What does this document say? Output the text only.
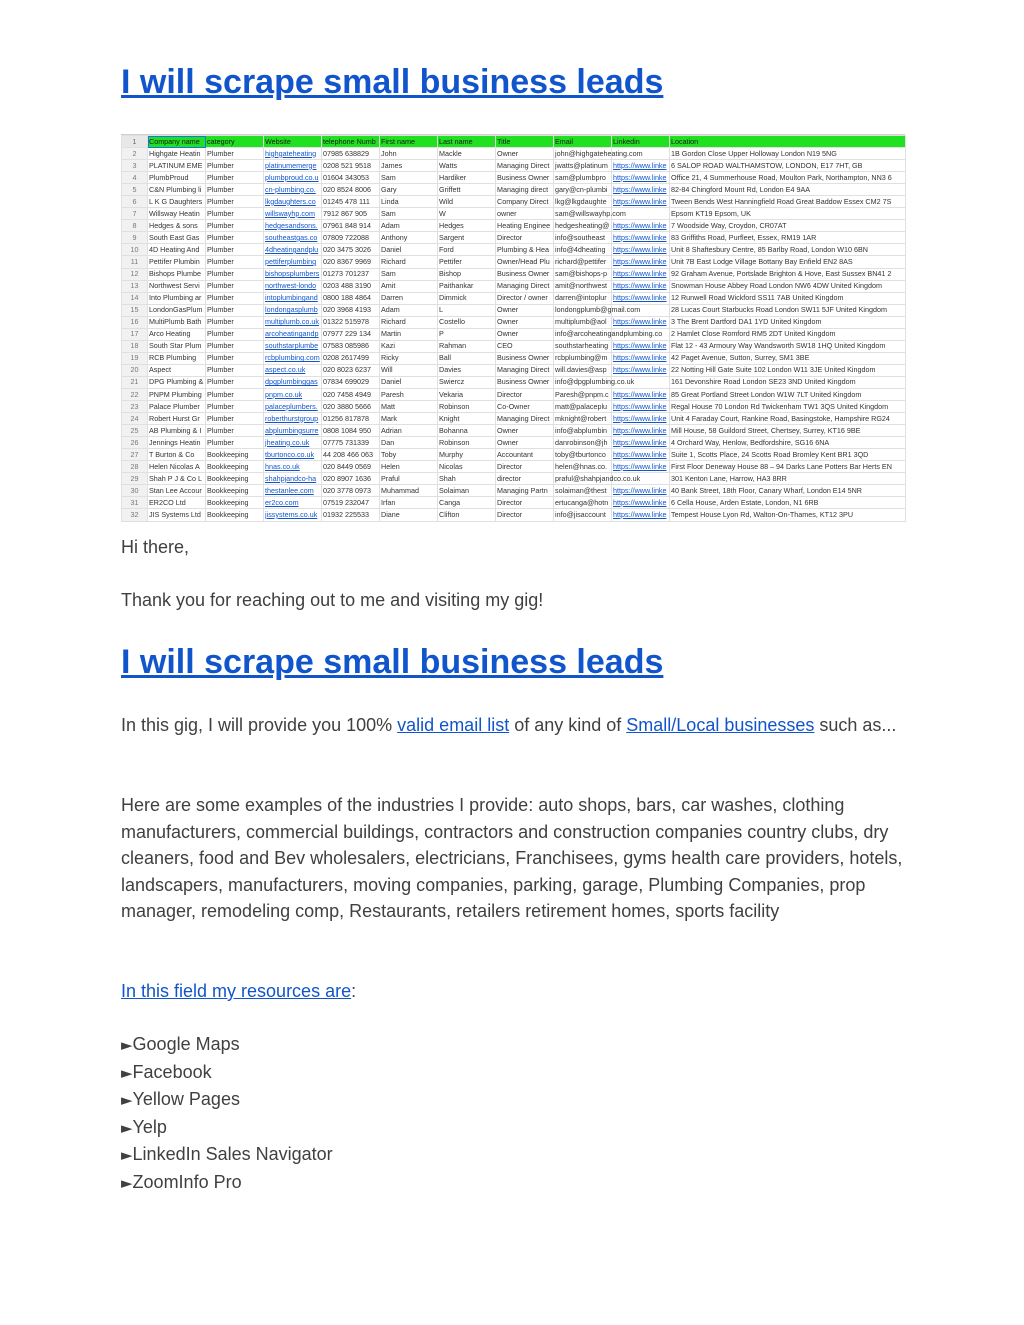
I will scrape small business leads
1	Company name	category	Website	telephone Numb	First name	Last name	Title	Email	Linkedin	Location
2	Highgate Heatin	Plumber	highgateheating	07985 638829	John	Mackle	Owner	john@highgateheating.com		1B Gordon Close Upper Holloway London N19 5NG
3	PLATINUM EME	Plumber	platinumemerge	0208 521 9518	James	Watts	Managing Direct	jwatts@platinum	https://www.linke	6 SALOP ROAD WALTHAMSTOW, LONDON, E17 7HT, GB
4	PlumbProud	Plumber	plumbproud.co.u	01604 343053	Sam	Hardiker	Business Owner	sam@plumbpro	https://www.linke	Office 21, 4 Summerhouse Road, Moulton Park, Northampton, NN3 6
5	C&N Plumbing li	Plumber	cn-plumbing.co.	020 8524 8006	Gary	Griffett	Managing direct	gary@cn-plumbi	https://www.linke	82-84 Chingford Mount Rd, London E4 9AA
6	L K G Daughters	Plumber	lkgdaughters.co	01245 478 111	Linda	Wild	Company Direct	lkg@lkgdaughte	https://www.linke	Tween Bends West Hanningfield Road Great Baddow Essex CM2 7S
7	Willsway Heatin	Plumber	willswayhp.com	7912 867 905	Sam	W	owner	sam@willswayhp.com		Epsom KT19 Epsom, UK
8	Hedges & sons	Plumber	hedgesandsons.	07961 848 914	Adam	Hedges	Heating Enginee	hedgesheating@	https://www.linke	7 Woodside Way, Croydon, CR07AT
9	South East Gas	Plumber	southeastgas.co	07809 722088	Anthony	Sargent	Director	info@southeast	https://www.linke	83 Griffiths Road, Purfleet, Essex, RM19 1AR
10	4D Heating And	Plumber	4dheatingandplu	020 3475 3026	Daniel	Ford	Plumbing & Hea	info@4dheating	https://www.linke	Unit 8 Shaftesbury Centre, 85 Barlby Road, London W10 6BN
11	Pettifer Plumbin	Plumber	pettiferplumbing	020 8367 9969	Richard	Pettifer	Owner/Head Plu	richard@pettifer	https://www.linke	Unit 7B East Lodge Village Bottany Bay Enfield EN2 8AS
12	Bishops Plumbe	Plumber	bishopsplumbers	01273 701237	Sam	Bishop	Business Owner	sam@bishops-p	https://www.linke	92 Graham Avenue, Portslade Brighton & Hove, East Sussex BN41 2
13	Northwest Servi	Plumber	northwest-londo	0203 488 3190	Amit	Paithankar	Managing Direct	amit@northwest	https://www.linke	Snowman House Abbey Road London NW6 4DW United Kingdom
14	Into Plumbing ar	Plumber	intoplumbingand	0800 188 4864	Darren	Dimmick	Director / owner	darren@intoplur	https://www.linke	12 Runwell Road Wickford SS11 7AB United Kingdom
15	LondonGasPlum	Plumber	londongasplumb	020 3968 4193	Adam	L	Owner	londongplumb@gmail.com		28 Lucas Court Starbucks Road London SW11 5JF United Kingdom
16	MultiPlumb Bath	Plumber	multiplumb.co.uk	01322 515978	Richard	Costello	Owner	multiplumb@aol	https://www.linke	3 The Brent Dartford DA1 1YD United Kingdom
17	Arco Heating	Plumber	arcoheatingandp	07977 229 134	Martin	P	Owner	info@arcoheatingandplumbing.co		2 Hamlet Close Romford RM5 2DT United Kingdom
18	South Star Plum	Plumber	southstarplumbe	07583 085986	Kazi	Rahman	CEO	southstarheating	https://www.linke	Flat 12 - 43 Armoury Way Wandsworth SW18 1HQ United Kingdom
19	RCB Plumbing	Plumber	rcbplumbing.com	0208 2617499	Ricky	Ball	Business Owner	rcbplumbing@m	https://www.linke	42 Paget Avenue, Sutton, Surrey, SM1 3BE
20	Aspect	Plumber	aspect.co.uk	020 8023 6237	Will	Davies	Managing Direct	will.davies@asp	https://www.linke	22 Notting Hill Gate Suite 102 London W11 3JE United Kingdom
21	DPG Plumbing &	Plumber	dpgplumbinggas	07834 699029	Daniel	Swiercz	Business Owner	info@dpgplumbing.co.uk		161 Devonshire Road London SE23 3ND United Kingdom
22	PNPM Plumbing	Plumber	pnpm.co.uk	020 7458 4949	Paresh	Vekaria	Director	Paresh@pnpm.c	https://www.linke	85 Great Portland Street London W1W 7LT United Kingdom
23	Palace Plumber	Plumber	palaceplumbers.	020 3880 5666	Matt	Robinson	Co-Owner	matt@palaceplu	https://www.linke	Regal House 70 London Rd Twickenham TW1 3QS United Kingdom
24	Robert Hurst Gr	Plumber	roberthurstgroup	01256 817878	Mark	Knight	Managing Direct	mknight@robert	https://www.linke	Unit 4 Faraday Court, Rankine Road, Basingstoke, Hampshire RG24
25	AB Plumbing & I	Plumber	abplumbingsurre	0808 1084 950	Adrian	Bohanna	Owner	info@abplumbin	https://www.linke	Mill House, 58 Guildord Street, Chertsey, Surrey, KT16 9BE
26	Jennings Heatin	Plumber	jheating.co.uk	07775 731339	Dan	Robinson	Owner	danrobinson@jh	https://www.linke	4 Orchard Way, Henlow, Bedfordshire, SG16 6NA
27	T Burton & Co	Bookkeeping	tburtonco.co.uk	44 208 466 063	Toby	Murphy	Accountant	toby@tburtonco	https://www.linke	Suite 1, Scotts Place, 24 Scotts Road Bromley Kent BR1 3QD
28	Helen Nicolas A	Bookkeeping	hnas.co.uk	020 8449 0569	Helen	Nicolas	Director	helen@hnas.co.	https://www.linke	First Floor Deneway House 88 – 94 Darks Lane Potters Bar Herts EN
29	Shah P J & Co L	Bookkeeping	shahpjandco-ha	020 8907 1636	Praful	Shah	director	praful@shahpjandco.co.uk		301 Kenton Lane, Harrow, HA3 8RR
30	Stan Lee Accour	Bookkeeping	thestanlee.com	020 3778 0973	Muhammad	Solaiman	Managing Partn	solaiman@thest	https://www.linke	40 Bank Street, 18th Floor, Canary Wharf, London E14 5NR
31	ER2CO Ltd	Bookkeeping	er2co.com	07519 232047	Irfan	Canga	Director	ertucanga@hotn	https://www.linke	6 Cella House, Arden Estate, London, N1 6RB
32	JIS Systems Ltd	Bookkeeping	jissystems.co.uk	01932 225533	Diane	Clifton	Director	info@jisaccount	https://www.linke	Tempest House Lyon Rd, Walton-On-Thames, KT12 3PU

Hi there,

Thank you for reaching out to me and visiting my gig!

I will scrape small business leads

In this gig, I will provide you 100% valid email list of any kind of Small/Local businesses such as...

Here are some examples of the industries I provide: auto shops, bars, car washes, clothing manufacturers, commercial buildings, contractors and construction companies country clubs, dry cleaners, food and Bev wholesalers, electricians, Franchisees, gyms health care providers, hotels, landscapers, manufacturers, moving companies, parking, garage, Plumbing Companies, prop manager, remodeling comp, Restaurants, retailers retirement homes, sports facility

In this field my resources are:

►Google Maps
►Facebook
►Yellow Pages
►Yelp
►LinkedIn Sales Navigator
►ZoomInfo Pro
